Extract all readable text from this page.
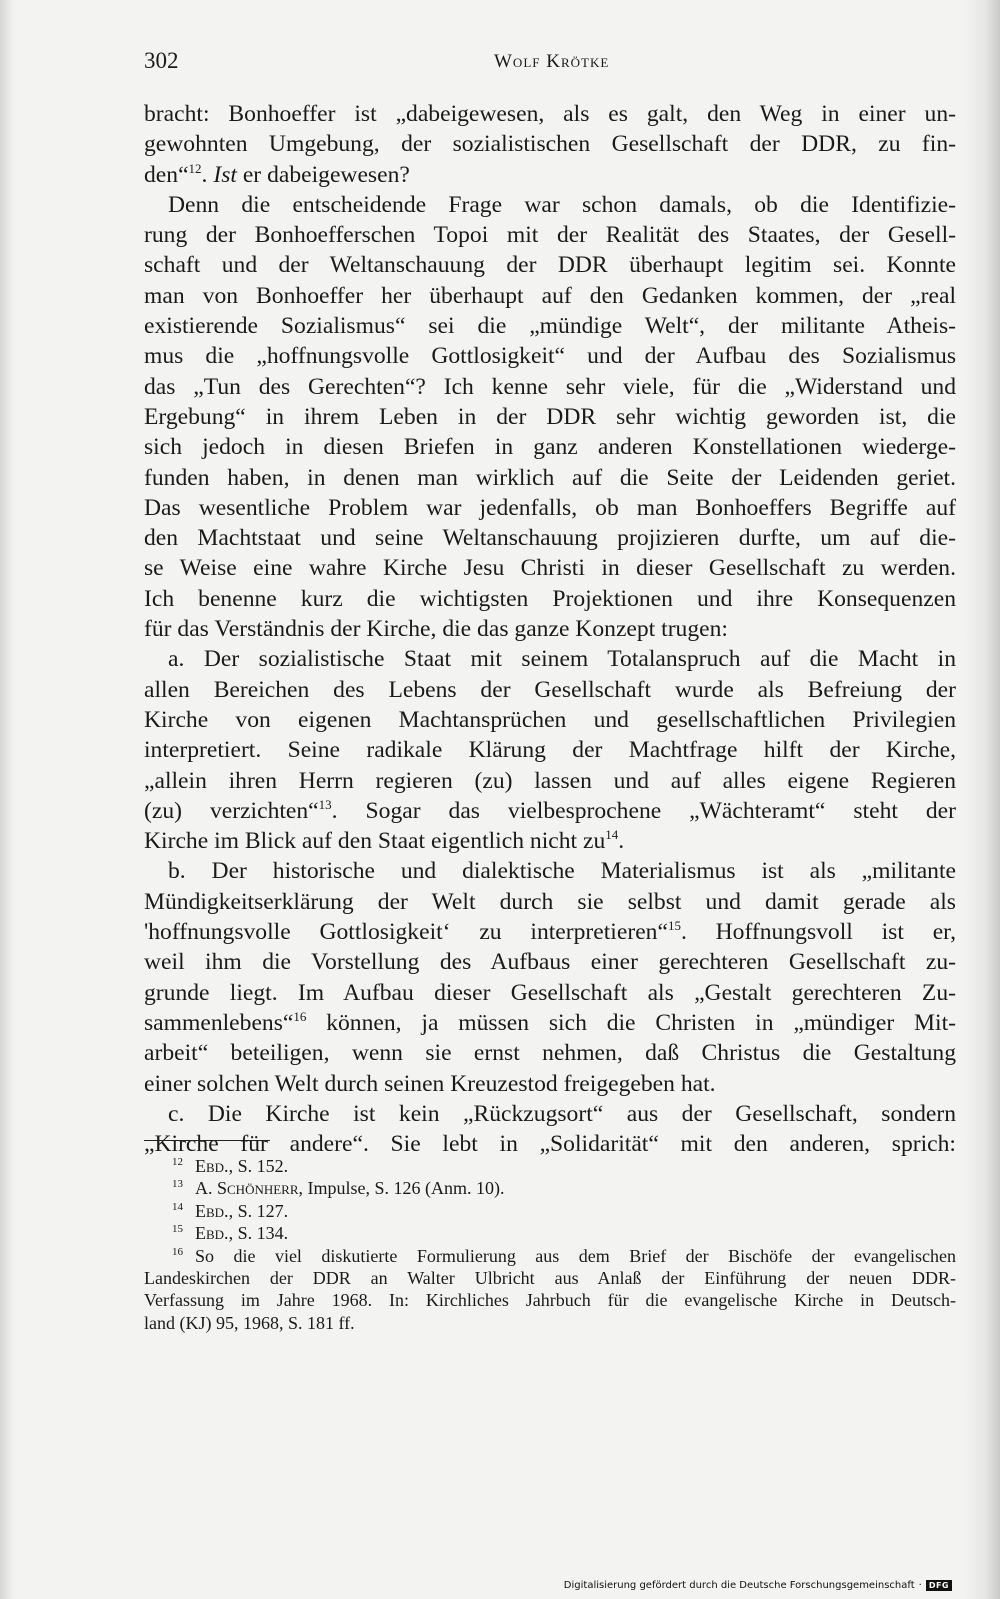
302	Wolf Krötke
bracht: Bonhoeffer ist „dabeigewesen, als es galt, den Weg in einer un-
gewohnten Umgebung, der sozialistischen Gesellschaft der DDR, zu fin-
den“$^{12}$. Ist er dabeigewesen?
Denn die entscheidende Frage war schon damals, ob die Identifizie-
rung der Bonhoefferschen Topoi mit der Realität des Staates, der Gesell-
schaft und der Weltanschauung der DDR überhaupt legitim sei. Konnte
man von Bonhoeffer her überhaupt auf den Gedanken kommen, der „real
existierende Sozialismus“ sei die „mündige Welt“, der militante Atheis-
mus die „hoffnungsvolle Gottlosigkeit“ und der Aufbau des Sozialismus
das „Tun des Gerechten“? Ich kenne sehr viele, für die „Widerstand und
Ergebung“ in ihrem Leben in der DDR sehr wichtig geworden ist, die
sich jedoch in diesen Briefen in ganz anderen Konstellationen wiederge-
funden haben, in denen man wirklich auf die Seite der Leidenden geriet.
Das wesentliche Problem war jedenfalls, ob man Bonhoeffers Begriffe auf
den Machtstaat und seine Weltanschauung projizieren durfte, um auf die-
se Weise eine wahre Kirche Jesu Christi in dieser Gesellschaft zu werden.
Ich benenne kurz die wichtigsten Projektionen und ihre Konsequenzen
für das Verständnis der Kirche, die das ganze Konzept trugen:
a. Der sozialistische Staat mit seinem Totalanspruch auf die Macht in
allen Bereichen des Lebens der Gesellschaft wurde als Befreiung der
Kirche von eigenen Machtansprüchen und gesellschaftlichen Privilegien
interpretiert. Seine radikale Klärung der Machtfrage hilft der Kirche,
„allein ihren Herrn regieren (zu) lassen und auf alles eigene Regieren
(zu) verzichten“$^{13}$. Sogar das vielbesprochene „Wächteramt“ steht der
Kirche im Blick auf den Staat eigentlich nicht $zu^{14}$.
b. Der historische und dialektische Materialismus ist als „militante
Mündigkeitserklärung der Welt durch sie selbst und damit gerade als
'hoffnungsvolle Gottlosigkeit‘ zu interpretieren“$^{15}$. Hoffnungsvoll ist er,
weil ihm die Vorstellung des Aufbaus einer gerechteren Gesellschaft zu-
grunde liegt. Im Aufbau dieser Gesellschaft als „Gestalt gerechteren Zu-
sammenlebens“$^{16}$ können, ja müssen sich die Christen in „mündiger Mit-
arbeit“ beteiligen, wenn sie ernst nehmen, daß Christus die Gestaltung
einer solchen Welt durch seinen Kreuzestod freigegeben hat.
c. Die Kirche ist kein „Rückzugsort“ aus der Gesellschaft, sondern
„Kirche für andere“. Sie lebt in „Solidarität“ mit den anderen, sprich:
$^{12}$ Ebd., S. 152.
$^{13}$ A. Schönherr, Impulse, S. 126 (Anm. 10).
$^{14}$ Ebd., S. 127.
$^{15}$ Ebd., S. 134.
$^{16}$ So die viel diskutierte Formulierung aus dem Brief der Bischöfe der evangelischen
Landeskirchen der DDR an Walter Ulbricht aus Anlaß der Einführung der neuen DDR-
Verfassung im Jahre 1968. In: Kirchliches Jahrbuch für die evangelische Kirche in Deutsch-
land (KJ) 95, 1968, S. 181 ff.
Digitalisierung gefördert durch die Deutsche Forschungsgemeinschaft · DFG
